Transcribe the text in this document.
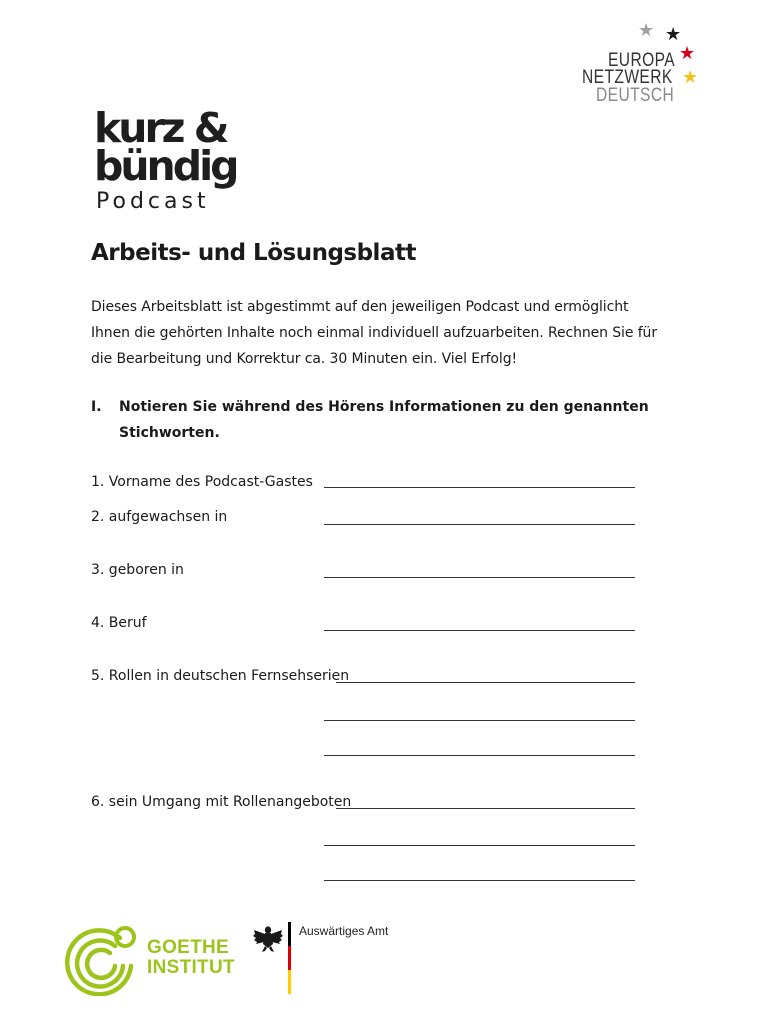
★ ★
★
★
EUROPA
NETZWERK
DEUTSCH
kurz &
bündig
Podcast
Arbeits- und Lösungsblatt

Dieses Arbeitsblatt ist abgestimmt auf den jeweiligen Podcast und ermöglicht Ihnen die gehörten Inhalte noch einmal individuell aufzuarbeiten. Rechnen Sie für die Bearbeitung und Korrektur ca. 30 Minuten ein. Viel Erfolg!

I. Notieren Sie während des Hörens Informationen zu den genannten Stichworten.
1. Vorname des Podcast-Gastes
2. aufgewachsen in
3. geboren in
4. Beruf
5. Rollen in deutschen Fernsehserien
6. sein Umgang mit Rollenangeboten
GOETHE
INSTITUT
Auswärtiges Amt
